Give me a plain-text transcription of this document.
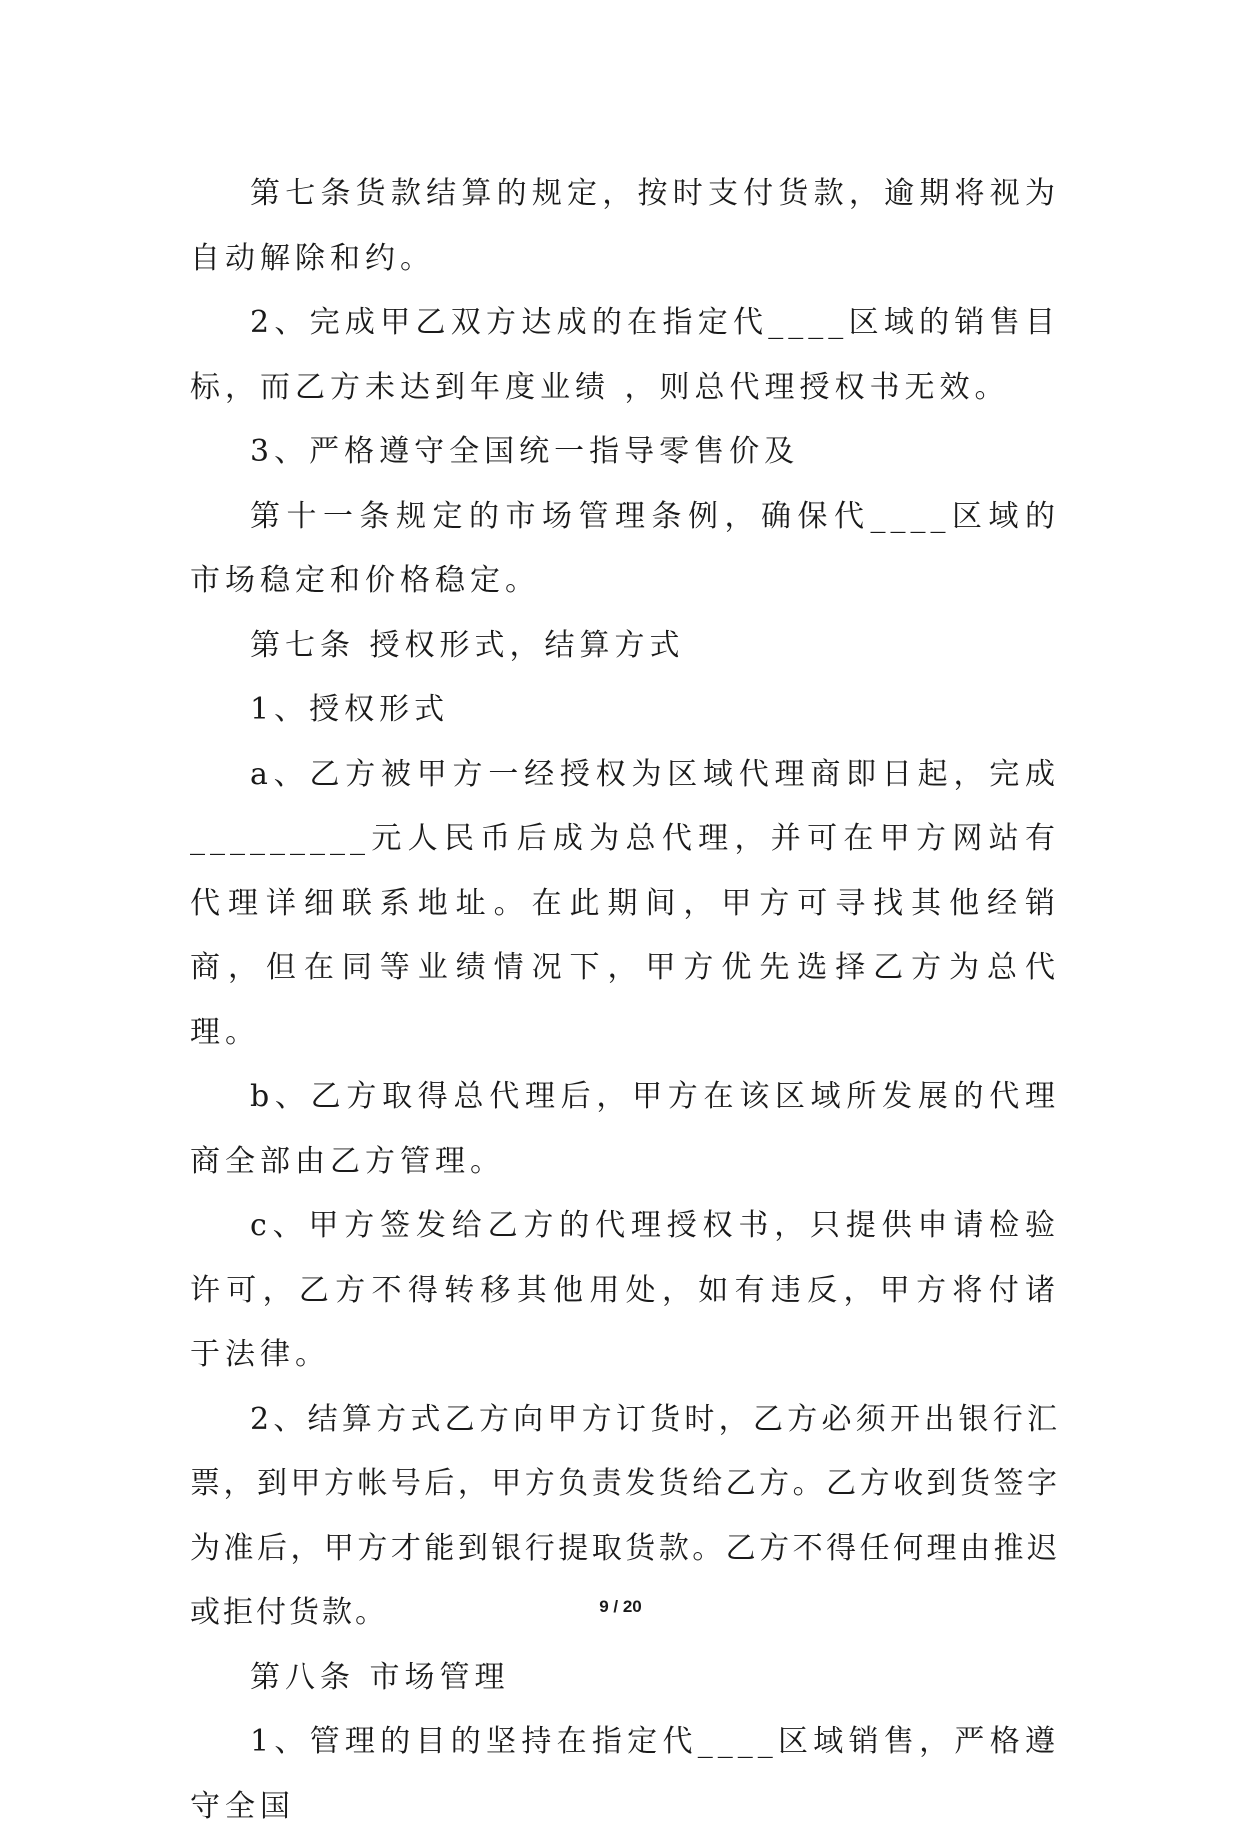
第七条货款结算的规定，按时支付货款，逾期将视为自动解除和约。

2、完成甲乙双方达成的在指定代____区域的销售目标，而乙方未达到年度业绩 ，则总代理授权书无效。

3、严格遵守全国统一指导零售价及

第十一条规定的市场管理条例，确保代____区域的市场稳定和价格稳定。

第七条 授权形式，结算方式

1、授权形式

a、乙方被甲方一经授权为区域代理商即日起，完成_________元人民币后成为总代理，并可在甲方网站有代理详细联系地址。在此期间，甲方可寻找其他经销商，但在同等业绩情况下，甲方优先选择乙方为总代理。

b、乙方取得总代理后，甲方在该区域所发展的代理商全部由乙方管理。

c、甲方签发给乙方的代理授权书，只提供申请检验许可，乙方不得转移其他用处，如有违反，甲方将付诸于法律。

2、结算方式乙方向甲方订货时，乙方必须开出银行汇票，到甲方帐号后，甲方负责发货给乙方。乙方收到货签字为准后，甲方才能到银行提取货款。乙方不得任何理由推迟或拒付货款。

第八条 市场管理

1、管理的目的坚持在指定代____区域销售，严格遵守全国

9 / 20
